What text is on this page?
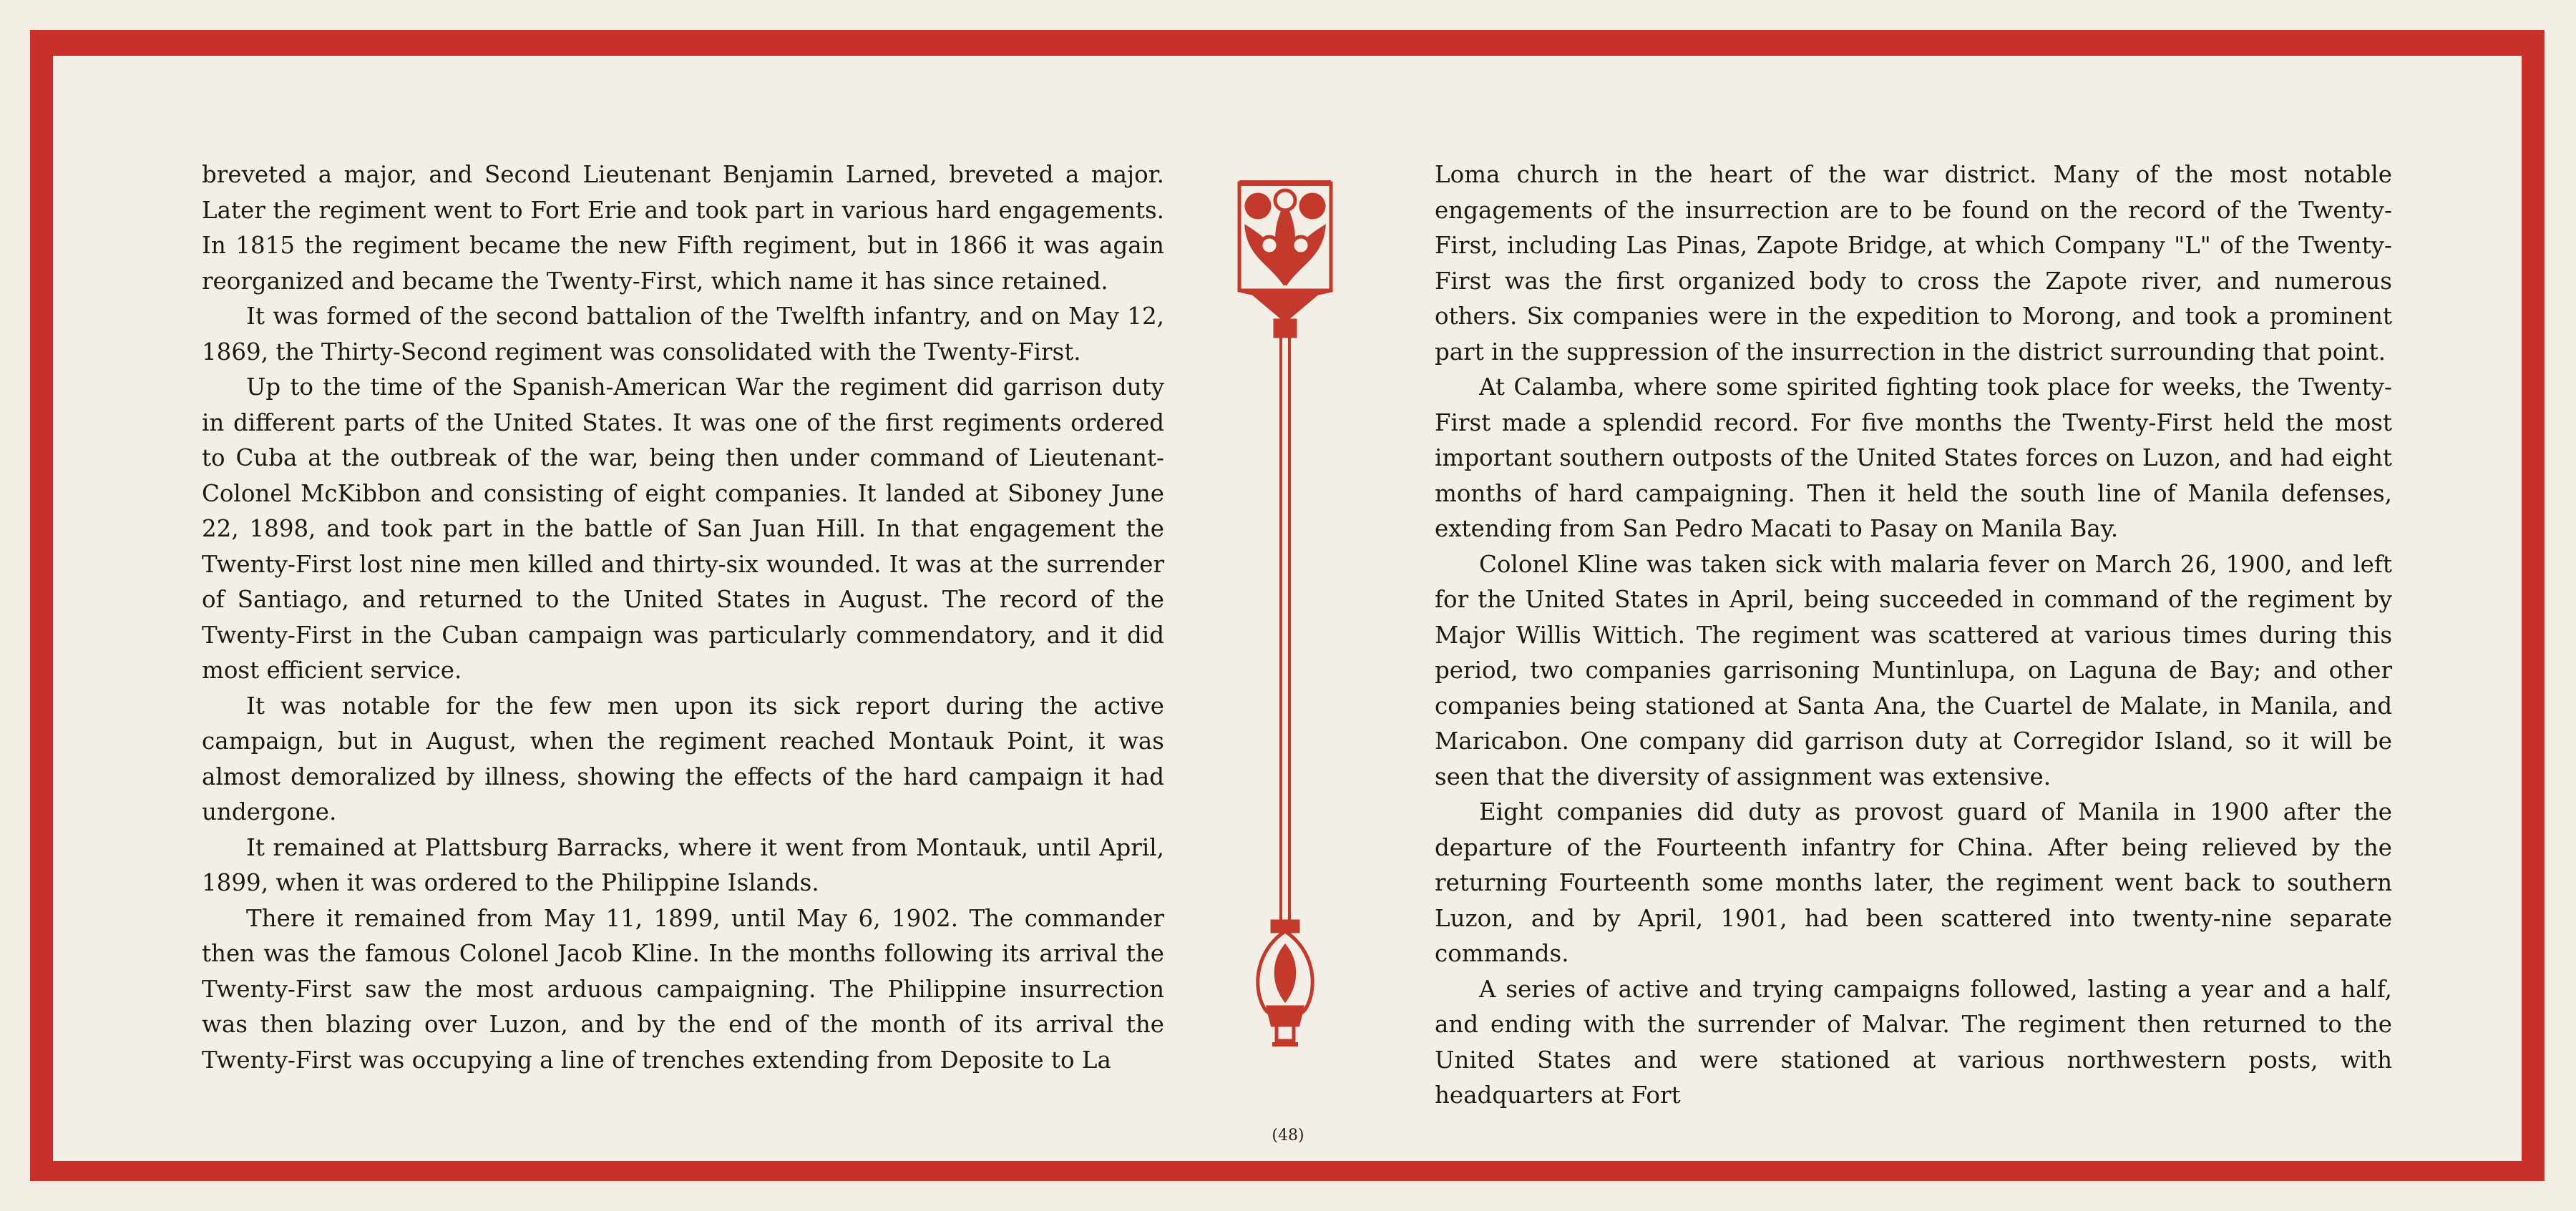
breveted a major, and Second Lieutenant Benjamin Larned, breveted a major. Later the regiment went to Fort Erie and took part in various hard engagements. In 1815 the regiment became the new Fifth regiment, but in 1866 it was again reorganized and became the Twenty-First, which name it has since retained.

It was formed of the second battalion of the Twelfth infantry, and on May 12, 1869, the Thirty-Second regiment was consolidated with the Twenty-First.

Up to the time of the Spanish-American War the regiment did garrison duty in different parts of the United States. It was one of the first regiments ordered to Cuba at the outbreak of the war, being then under command of Lieutenant-Colonel McKibbon and consisting of eight companies. It landed at Siboney June 22, 1898, and took part in the battle of San Juan Hill. In that engagement the Twenty-First lost nine men killed and thirty-six wounded. It was at the surrender of Santiago, and returned to the United States in August. The record of the Twenty-First in the Cuban campaign was particularly commendatory, and it did most efficient service.

It was notable for the few men upon its sick report during the active campaign, but in August, when the regiment reached Montauk Point, it was almost demoralized by illness, showing the effects of the hard campaign it had undergone.

It remained at Plattsburg Barracks, where it went from Montauk, until April, 1899, when it was ordered to the Philippine Islands.

There it remained from May 11, 1899, until May 6, 1902. The commander then was the famous Colonel Jacob Kline. In the months following its arrival the Twenty-First saw the most arduous campaigning. The Philippine insurrection was then blazing over Luzon, and by the end of the month of its arrival the Twenty-First was occupying a line of trenches extending from Deposite to La

Loma church in the heart of the war district. Many of the most notable engagements of the insurrection are to be found on the record of the Twenty-First, including Las Pinas, Zapote Bridge, at which Company "L" of the Twenty-First was the first organized body to cross the Zapote river, and numerous others. Six companies were in the expedition to Morong, and took a prominent part in the suppression of the insurrection in the district surrounding that point.

At Calamba, where some spirited fighting took place for weeks, the Twenty-First made a splendid record. For five months the Twenty-First held the most important southern outposts of the United States forces on Luzon, and had eight months of hard campaigning. Then it held the south line of Manila defenses, extending from San Pedro Macati to Pasay on Manila Bay.

Colonel Kline was taken sick with malaria fever on March 26, 1900, and left for the United States in April, being succeeded in command of the regiment by Major Willis Wittich. The regiment was scattered at various times during this period, two companies garrisoning Muntinlupa, on Laguna de Bay; and other companies being stationed at Santa Ana, the Cuartel de Malate, in Manila, and Maricabon. One company did garrison duty at Corregidor Island, so it will be seen that the diversity of assignment was extensive.

Eight companies did duty as provost guard of Manila in 1900 after the departure of the Fourteenth infantry for China. After being relieved by the returning Fourteenth some months later, the regiment went back to southern Luzon, and by April, 1901, had been scattered into twenty-nine separate commands.

A series of active and trying campaigns followed, lasting a year and a half, and ending with the surrender of Malvar. The regiment then returned to the United States and were stationed at various northwestern posts, with headquarters at Fort

(48)
